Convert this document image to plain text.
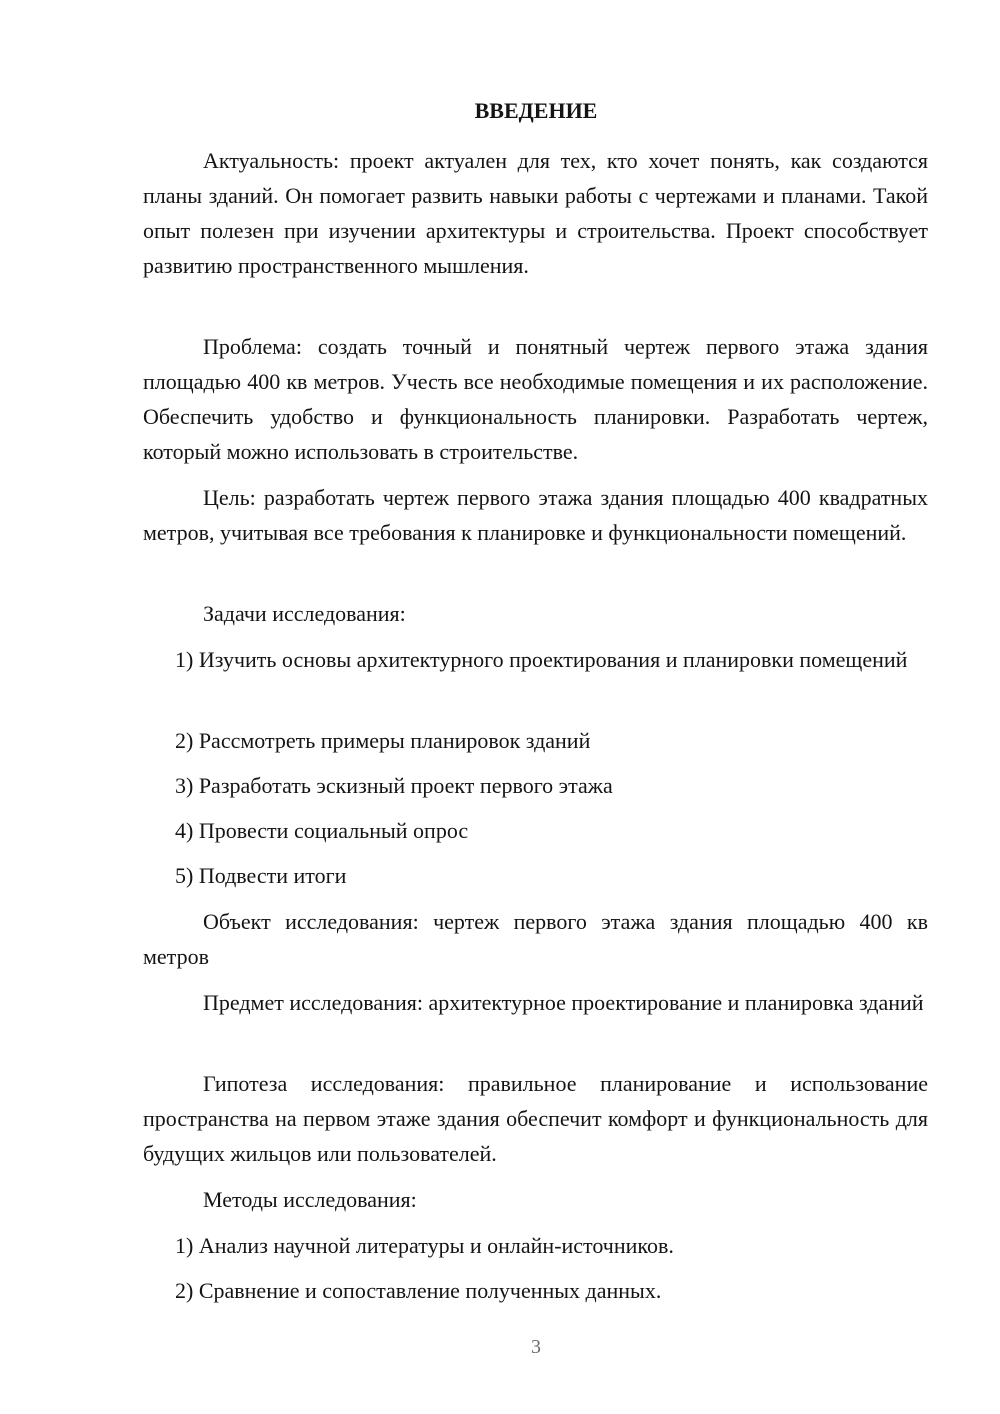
ВВЕДЕНИЕ

Актуальность: проект актуален для тех, кто хочет понять, как создаются планы зданий. Он помогает развить навыки работы с чертежами и планами. Такой опыт полезен при изучении архитектуры и строительства. Проект способствует развитию пространственного мышления.

Проблема: создать точный и понятный чертеж первого этажа здания площадью 400 кв метров. Учесть все необходимые помещения и их расположение. Обеспечить удобство и функциональность планировки. Разработать чертеж, который можно использовать в строительстве.

Цель: разработать чертеж первого этажа здания площадью 400 квадратных метров, учитывая все требования к планировке и функциональности помещений.

Задачи исследования:

1) Изучить основы архитектурного проектирования и планировки помещений

2) Рассмотреть примеры планировок зданий

3) Разработать эскизный проект первого этажа

4) Провести социальный опрос

5) Подвести итоги

Объект исследования: чертеж первого этажа здания площадью 400 кв метров

Предмет исследования: архитектурное проектирование и планировка зданий

Гипотеза исследования: правильное планирование и использование пространства на первом этаже здания обеспечит комфорт и функциональность для будущих жильцов или пользователей.

Методы исследования:

1) Анализ научной литературы и онлайн-источников.

2) Сравнение и сопоставление полученных данных.

3
